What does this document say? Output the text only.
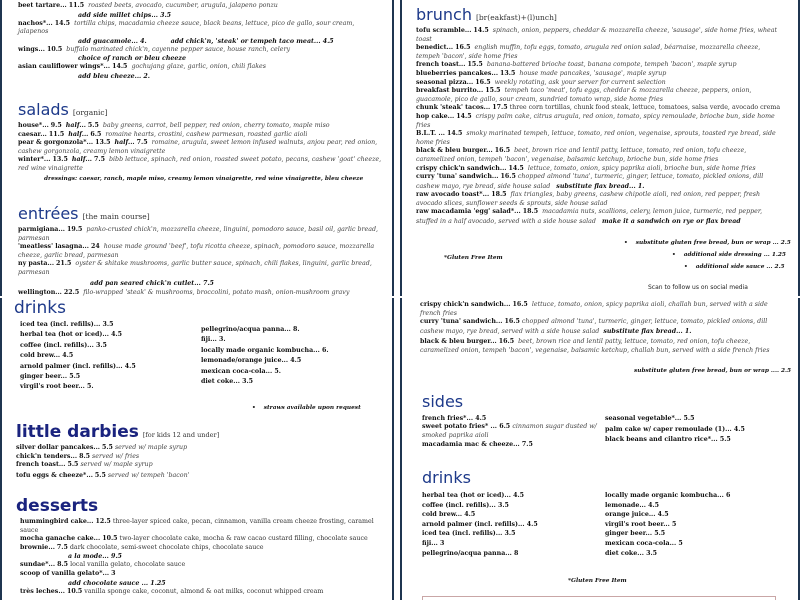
beet tartare... 11.5 roasted beets, avocado, cucumber, arugula, jalapeno ponzu
add side millet chips... 3.5
nachos*... 14.5 tortilla chips, macadamia cheeze sauce, black beans, lettuce, pico de gallo, sour cream, jalapenos
add guacamole... 4.	add chick'n, 'steak' or tempeh taco meat... 4.5
wings... 10.5 buffalo marinated chick'n, cayenne pepper sauce, house ranch, celery
choice of ranch or bleu cheeze
asian cauliflower wings*... 14.5 gochujang glaze, garlic, onion, chili flakes
add bleu cheeze... 2.
salads [organic]
house*... 9.5 half... 5.5 baby greens, carrot, bell pepper, red onion, cherry tomato, maple miso
caesar... 11.5 half... 6.5 romaine hearts, crostini, cashew parmesan, roasted garlic aioli
pear & gorgonzola*... 13.5 half... 7.5 romaine, arugula, sweet lemon infused walnuts, anjou pear, red onion, cashew gorgonzola, creamy lemon vinaigrette
winter*... 13.5 half... 7.5 bibb lettuce, spinach, red onion, roasted sweet potato, pecans, cashew 'goat' cheeze, red wine vinaigrette
dressings: caesar, ranch, maple miso, creamy lemon vinaigrette, red wine vinaigrette, bleu cheeze
entrées [the main course]
parmigiana... 19.5 panko-crusted chick'n, mozzarella cheeze, linguini, pomodoro sauce, basil oil, garlic bread, parmesan
'meatless' lasagna... 24 house made ground 'beef', tofu ricotta cheeze, spinach, pomodoro sauce, mozzarella cheeze, garlic bread, parmesan
ny pasta... 21.5 oyster & shitake mushrooms, garlic butter sauce, spinach, chili flakes, linguini, garlic bread, parmesan
add pan seared chick'n cutlet... 7.5
wellington... 22.5 filo-wrapped 'steak' & mushrooms, broccolini, potato mash, onion-mushroom gravy

brunch [br(eakfast)+(l)unch]
tofu scramble... 14.5 spinach, onion, peppers, cheddar & mozzarella cheeze, 'sausage', side home fries, wheat toast
benedict... 16.5 english muffin, tofu eggs, tomato, arugula red onion salad, béarnaise, mozzarella cheeze, tempeh 'bacon', side home fries
french toast... 15.5 banana-battered brioche toast, banana compote, tempeh 'bacon', maple syrup
blueberries pancakes... 13.5 house made pancakes, 'sausage', maple syrup
seasonal pizza... 16.5 weekly rotating, ask your server for current selection
breakfast burrito... 15.5 tempeh taco 'meat', tofu eggs, cheddar & mozzarella cheeze, peppers, onion, guacamole, pico de gallo, sour cream, sundried tomato wrap, side home fries
chunk 'steak' tacos... 17.5 three corn tortillas, chunk food steak, lettuce, tomatoes, salsa verde, avocado crema
hop cake... 14.5 crispy palm cake, citrus arugula, red onion, tomato, spicy remoulade, brioche bun, side home fries
B.L.T. ... 14.5 smoky marinated tempeh, lettuce, tomato, red onion, vegenaise, sprouts, toasted rye bread, side home fries
black & bleu burger... 16.5 beet, brown rice and lentil patty, lettuce, tomato, red onion, tofu cheeze, caramelized onion, tempeh 'bacon', vegenaise, balsamic ketchup, brioche bun, side home fries
crispy chick'n sandwich... 14.5 lettuce, tomato, onion, spicy paprika aioli, brioche bun, side home fries
curry 'tuna' sandwich... 16.5 chopped almond 'tuna', turmeric, ginger, lettuce, tomato, pickled onions, dill cashew mayo, rye bread, side house salad substitute flax bread... 1.
raw avocado toast*... 18.5 flax triangles, baby greens, cashew chipotle aioli, red onion, red pepper, fresh avocado slices, sunflower seeds & sprouts, side house salad
raw macadamia 'egg' salad*... 18.5 macadamia nuts, scallions, celery, lemon juice, turmeric, red pepper, stuffed in a half avocado, served with a side house salad make it a sandwich on rye or flax bread
• substitute gluten free bread, bun or wrap ... 2.5
• additional side dressing ... 1.25
• additional side sauce ... 2.5
*Gluten Free Item
Scan to follow us on social media
drinks
iced tea (incl. refills)... 3.5
herbal tea (hot or iced)... 4.5
coffee (incl. refills)... 3.5
cold brew... 4.5
arnold palmer (incl. refills)... 4.5
ginger beer... 5.5
virgil's root beer... 5.
pellegrino/acqua panna... 8.
fiji... 3.
locally made organic kombucha... 6.
lemonade/orange juice... 4.5
mexican coca-cola... 5.
diet coke... 3.5
• straws available upon request
little darbies [for kids 12 and under]
silver dollar pancakes... 5.5 served w/ maple syrup
chick'n tenders... 8.5 served w/ fries
french toast... 5.5 served w/ maple syrup
tofu eggs & cheeze*... 5.5 served w/ tempeh 'bacon'
desserts
hummingbird cake... 12.5 three-layer spiced cake, pecan, cinnamon, vanilla cream cheeze frosting, caramel sauce
mocha ganache cake... 10.5 two-layer chocolate cake, mocha & raw cacao custard filling, chocolate sauce
brownie... 7.5 dark chocolate, semi-sweet chocolate chips, chocolate sauce
a la mode... 9.5
sundae*... 8.5 local vanilla gelato, chocolate sauce
scoop of vanilla gelato*... 3
add chocolate sauce ... 1.25
très leches... 10.5 vanilla sponge cake, coconut, almond & oat milks, coconut whipped cream
crispy chick'n sandwich... 16.5 lettuce, tomato, onion, spicy paprika aioli, challah bun, served with a side french fries
curry 'tuna' sandwich... 16.5 chopped almond 'tuna', turmeric, ginger, lettuce, tomato, pickled onions, dill cashew mayo, rye bread, served with a side house salad substitute flax bread... 1.
black & bleu burger... 16.5 beet, brown rice and lentil patty, lettuce, tomato, red onion, tofu cheeze, caramelized onion, tempeh 'bacon', vegenaise, balsamic ketchup, challah bun, served with a side french fries
substitute gluten free bread, bun or wrap .... 2.5
sides
french fries*... 4.5
sweet potato fries* ... 6.5 cinnamon sugar dusted w/ smoked paprika aioli
macadamia mac & cheeze... 7.5
seasonal vegetable*... 5.5
palm cake w/ caper remoulade (1)... 4.5
black beans and cilantro rice*... 5.5
drinks
herbal tea (hot or iced)... 4.5
coffee (incl. refills)... 3.5
cold brew... 4.5
arnold palmer (incl. refills)... 4.5
iced tea (incl. refills)... 3.5
fiji... 3
pellegrino/acqua panna... 8
locally made organic kombucha... 6
lemonade... 4.5
orange juice... 4.5
virgil's root beer... 5
ginger beer... 5.5
mexican coca-cola... 5
diet coke... 3.5
*Gluten Free Item
